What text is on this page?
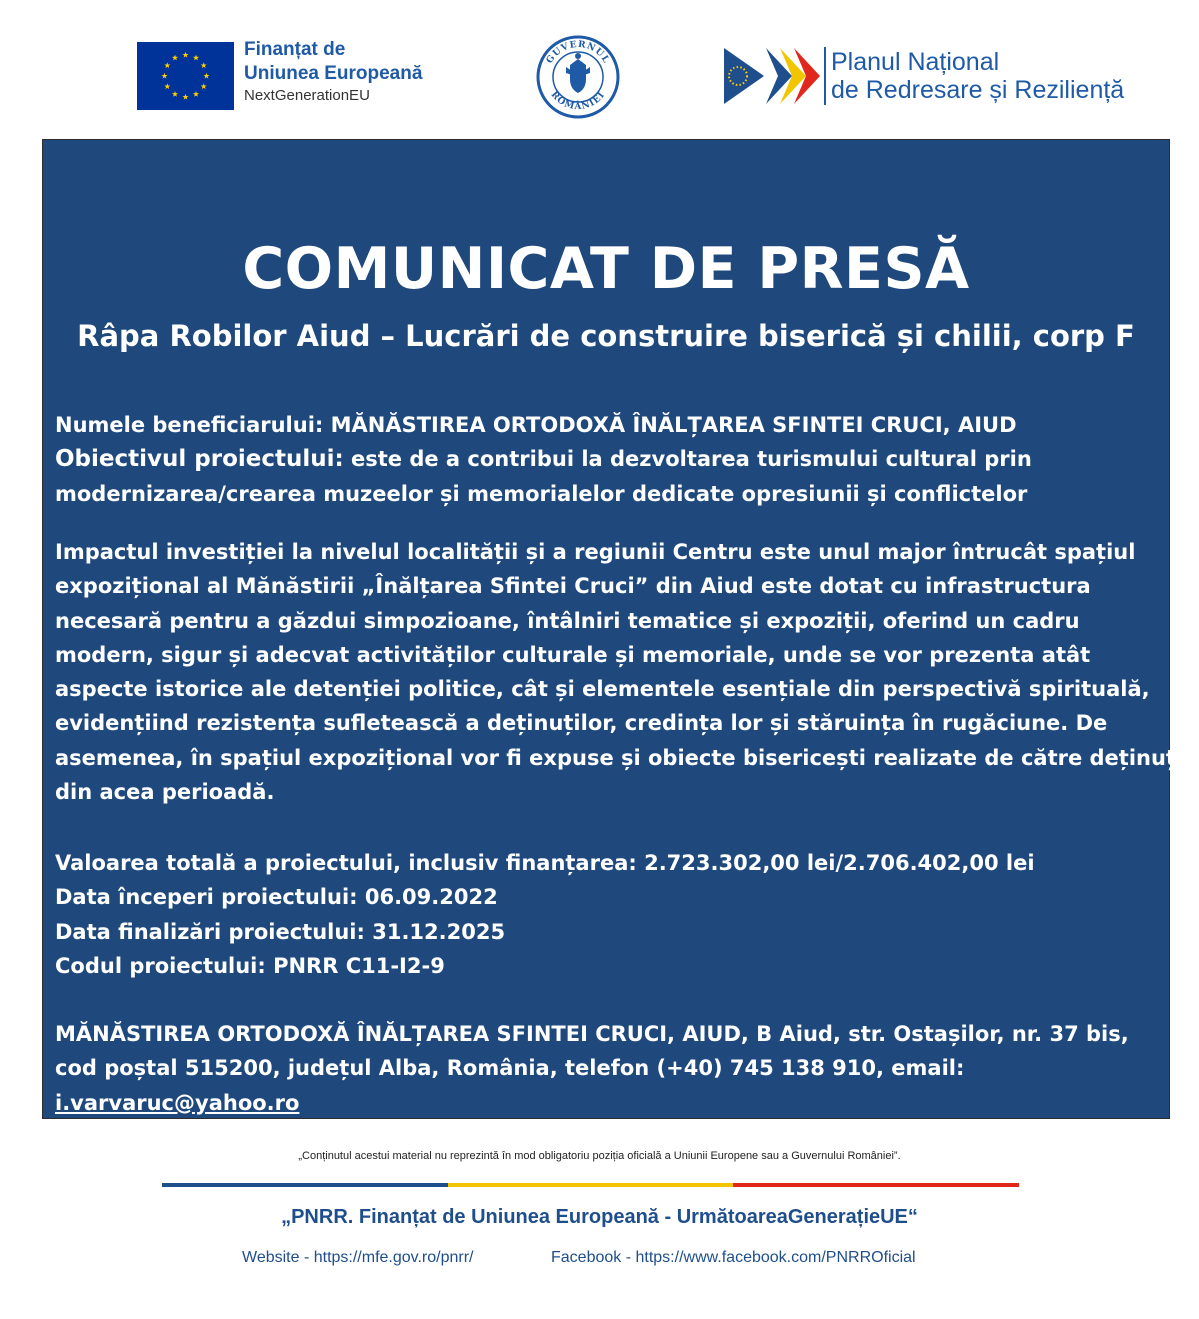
Finanțat de
Uniunea Europeană
NextGenerationEU
GUVERNUL
ROMÂNIEI
Planul Național
de Redresare și Reziliență
COMUNICAT DE PRESĂ
Râpa Robilor Aiud – Lucrări de construire biserică și chilii, corp F
Numele beneficiarului: MĂNĂSTIREA ORTODOXĂ ÎNĂLȚAREA SFINTEI CRUCI, AIUD
Obiectivul proiectului: este de a contribui la dezvoltarea turismului cultural prin
modernizarea/crearea muzeelor și memorialelor dedicate opresiunii și conflictelor
Impactul investiției la nivelul localității și a regiunii Centru este unul major întrucât spațiul
expozițional al Mănăstirii „Înălțarea Sfintei Cruci” din Aiud este dotat cu infrastructura
necesară pentru a găzdui simpozioane, întâlniri tematice și expoziții, oferind un cadru
modern, sigur și adecvat activităților culturale și memoriale, unde se vor prezenta atât
aspecte istorice ale detenției politice, cât și elementele esențiale din perspectivă spirituală,
evidențiind rezistența sufletească a deținuților, credința lor și stăruința în rugăciune. De
asemenea, în spațiul expozițional vor fi expuse și obiecte bisericești realizate de către deținuții
din acea perioadă.
Valoarea totală a proiectului, inclusiv finanțarea: 2.723.302,00 lei/2.706.402,00 lei
Data începeri proiectului: 06.09.2022
Data finalizări proiectului: 31.12.2025
Codul proiectului: PNRR C11-I2-9
MĂNĂSTIREA ORTODOXĂ ÎNĂLȚAREA SFINTEI CRUCI, AIUD, B Aiud, str. Ostașilor, nr. 37 bis,
cod poștal 515200, județul Alba, România, telefon (+40) 745 138 910, email:
i.varvaruc@yahoo.ro
„Conținutul acestui material nu reprezintă în mod obligatoriu poziția oficială a Uniunii Europene sau a Guvernului României”.
„PNRR. Finanțat de Uniunea Europeană - UrmătoareaGenerațieUE“
Website - https://mfe.gov.ro/pnrr/	Facebook - https://www.facebook.com/PNRROficial
